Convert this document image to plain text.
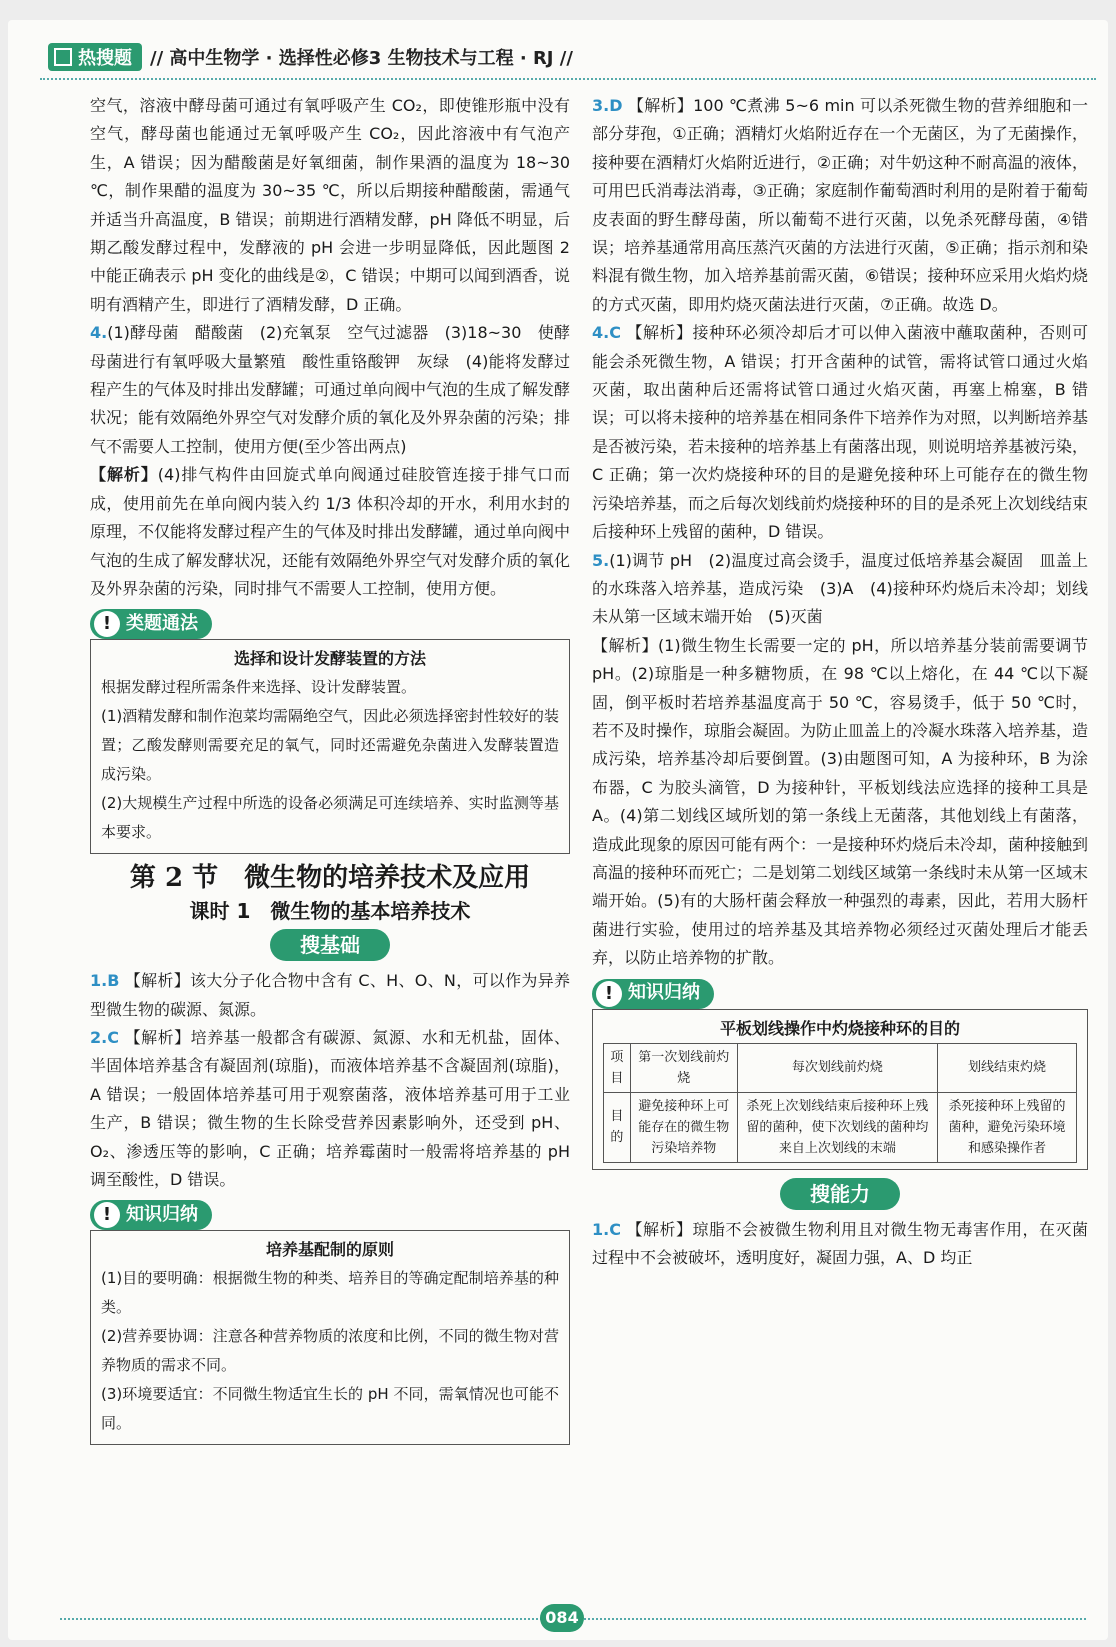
热搜题 // 高中生物学 · 选择性必修3 生物技术与工程 · RJ //

空气，溶液中酵母菌可通过有氧呼吸产生 CO₂，即使锥形瓶中没有空气，酵母菌也能通过无氧呼吸产生 CO₂，因此溶液中有气泡产生，A 错误；因为醋酸菌是好氧细菌，制作果酒的温度为 18~30 ℃，制作果醋的温度为 30~35 ℃，所以后期接种醋酸菌，需通气并适当升高温度，B 错误；前期进行酒精发酵，pH 降低不明显，后期乙酸发酵过程中，发酵液的 pH 会进一步明显降低，因此题图 2 中能正确表示 pH 变化的曲线是②，C 错误；中期可以闻到酒香，说明有酒精产生，即进行了酒精发酵，D 正确。

4.(1)酵母菌　醋酸菌　(2)充氧泵　空气过滤器　(3)18~30　使酵母菌进行有氧呼吸大量繁殖　酸性重铬酸钾　灰绿　(4)能将发酵过程产生的气体及时排出发酵罐；可通过单向阀中气泡的生成了解发酵状况；能有效隔绝外界空气对发酵介质的氧化及外界杂菌的污染；排气不需要人工控制，使用方便(至少答出两点)

【解析】(4)排气构件由回旋式单向阀通过硅胶管连接于排气口而成，使用前先在单向阀内装入约 1/3 体积冷却的开水，利用水封的原理，不仅能将发酵过程产生的气体及时排出发酵罐，通过单向阀中气泡的生成了解发酵状况，还能有效隔绝外界空气对发酵介质的氧化及外界杂菌的污染，同时排气不需要人工控制，使用方便。

! 类题通法
选择和设计发酵装置的方法

根据发酵过程所需条件来选择、设计发酵装置。

(1)酒精发酵和制作泡菜均需隔绝空气，因此必须选择密封性较好的装置；乙酸发酵则需要充足的氧气，同时还需避免杂菌进入发酵装置造成污染。

(2)大规模生产过程中所选的设备必须满足可连续培养、实时监测等基本要求。

第 2 节　微生物的培养技术及应用
课时 1　微生物的基本培养技术
搜基础

1.B 【解析】该大分子化合物中含有 C、H、O、N，可以作为异养型微生物的碳源、氮源。

2.C 【解析】培养基一般都含有碳源、氮源、水和无机盐，固体、半固体培养基含有凝固剂(琼脂)，而液体培养基不含凝固剂(琼脂)，A 错误；一般固体培养基可用于观察菌落，液体培养基可用于工业生产，B 错误；微生物的生长除受营养因素影响外，还受到 pH、O₂、渗透压等的影响，C 正确；培养霉菌时一般需将培养基的 pH 调至酸性，D 错误。

! 知识归纳
培养基配制的原则

(1)目的要明确：根据微生物的种类、培养目的等确定配制培养基的种类。

(2)营养要协调：注意各种营养物质的浓度和比例，不同的微生物对营养物质的需求不同。

(3)环境要适宜：不同微生物适宜生长的 pH 不同，需氧情况也可能不同。

3.D 【解析】100 ℃煮沸 5~6 min 可以杀死微生物的营养细胞和一部分芽孢，①正确；酒精灯火焰附近存在一个无菌区，为了无菌操作，接种要在酒精灯火焰附近进行，②正确；对牛奶这种不耐高温的液体，可用巴氏消毒法消毒，③正确；家庭制作葡萄酒时利用的是附着于葡萄皮表面的野生酵母菌，所以葡萄不进行灭菌，以免杀死酵母菌，④错误；培养基通常用高压蒸汽灭菌的方法进行灭菌，⑤正确；指示剂和染料混有微生物，加入培养基前需灭菌，⑥错误；接种环应采用火焰灼烧的方式灭菌，即用灼烧灭菌法进行灭菌，⑦正确。故选 D。

4.C 【解析】接种环必须冷却后才可以伸入菌液中蘸取菌种，否则可能会杀死微生物，A 错误；打开含菌种的试管，需将试管口通过火焰灭菌，取出菌种后还需将试管口通过火焰灭菌，再塞上棉塞，B 错误；可以将未接种的培养基在相同条件下培养作为对照，以判断培养基是否被污染，若未接种的培养基上有菌落出现，则说明培养基被污染，C 正确；第一次灼烧接种环的目的是避免接种环上可能存在的微生物污染培养基，而之后每次划线前灼烧接种环的目的是杀死上次划线结束后接种环上残留的菌种，D 错误。

5.(1)调节 pH　(2)温度过高会烫手，温度过低培养基会凝固　皿盖上的水珠落入培养基，造成污染　(3)A　(4)接种环灼烧后未冷却；划线未从第一区域末端开始　(5)灭菌

【解析】(1)微生物生长需要一定的 pH，所以培养基分装前需要调节 pH。(2)琼脂是一种多糖物质，在 98 ℃以上熔化，在 44 ℃以下凝固，倒平板时若培养基温度高于 50 ℃，容易烫手，低于 50 ℃时，若不及时操作，琼脂会凝固。为防止皿盖上的冷凝水珠落入培养基，造成污染，培养基冷却后要倒置。(3)由题图可知，A 为接种环，B 为涂布器，C 为胶头滴管，D 为接种针，平板划线法应选择的接种工具是 A。(4)第二划线区域所划的第一条线上无菌落，其他划线上有菌落，造成此现象的原因可能有两个：一是接种环灼烧后未冷却，菌种接触到高温的接种环而死亡；二是划第二划线区域第一条线时未从第一区域末端开始。(5)有的大肠杆菌会释放一种强烈的毒素，因此，若用大肠杆菌进行实验，使用过的培养基及其培养物必须经过灭菌处理后才能丢弃，以防止培养物的扩散。

! 知识归纳
平板划线操作中灼烧接种环的目的
项目	第一次划线前灼烧	每次划线前灼烧	划线结束灼烧
目的	避免接种环上可能存在的微生物污染培养物	杀死上次划线结束后接种环上残留的菌种，使下次划线的菌种均来自上次划线的末端	杀死接种环上残留的菌种，避免污染环境和感染操作者
搜能力

1.C 【解析】琼脂不会被微生物利用且对微生物无毒害作用，在灭菌过程中不会被破坏，透明度好，凝固力强，A、D 均正

084
